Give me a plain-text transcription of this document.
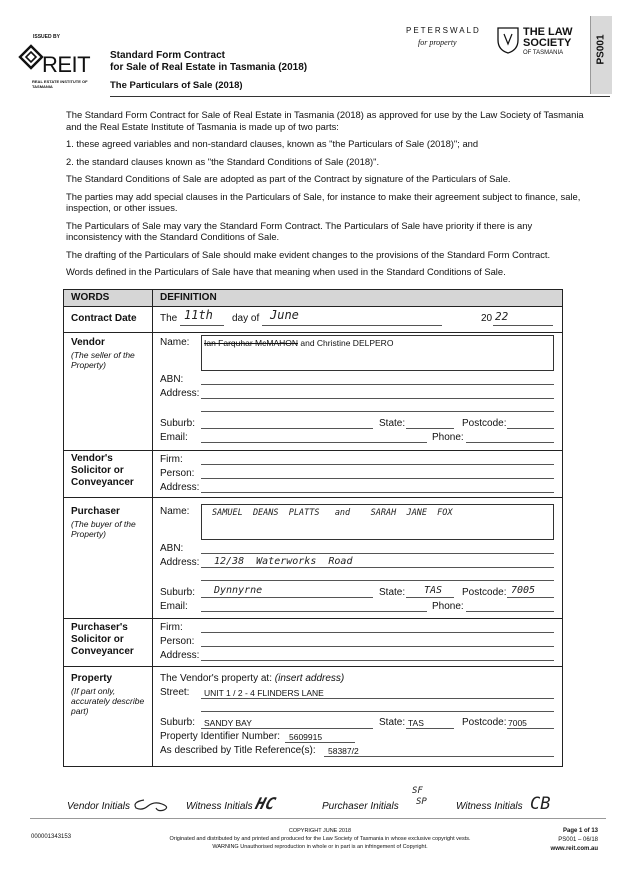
ISSUED BY
REIT
REAL ESTATE INSTITUTE OF TASMANIA
Standard Form Contract
for Sale of Real Estate in Tasmania (2018)
The Particulars of Sale (2018)
PETERSWALD
for property
THE LAW
SOCIETY
OF TASMANIA	PS001

The Standard Form Contract for Sale of Real Estate in Tasmania (2018) as approved for use by the Law Society of Tasmania and the Real Estate Institute of Tasmania is made up of two parts:

1. these agreed variables and non-standard clauses, known as "the Particulars of Sale (2018)"; and

2. the standard clauses known as "the Standard Conditions of Sale (2018)".

The Standard Conditions of Sale are adopted as part of the Contract by signature of the Particulars of Sale.

The parties may add special clauses in the Particulars of Sale, for instance to make their agreement subject to finance, sale, inspection, or other issues.

The Particulars of Sale may vary the Standard Form Contract. The Particulars of Sale have priority if there is any inconsistency with the Standard Conditions of Sale.

The drafting of the Particulars of Sale should make evident changes to the provisions of the Standard Form Contract.

Words defined in the Particulars of Sale have that meaning when used in the Standard Conditions of Sale.

WORDS	DEFINITION
Contract Date The 11th day of June	20 22
Vendor
(The seller of the Property)
Name: Ian Farquhar McMAHON and Christine DELPERO
ABN:
Address:
Suburb:	State:	Postcode:
Email:	Phone:
Vendor's Solicitor or Conveyancer
Firm:
Person:
Address:
Purchaser
(The buyer of the Property)
Name:	SAMUEL  DEANS  PLATTS   and    SARAH  JANE  FOX
ABN:
Address: 12/38  Waterworks  Road
Suburb: Dynnyrne	State: TAS Postcode: 7005
Email:	Phone:
Purchaser's Solicitor or Conveyancer
Firm:
Person:
Address:
Property
(If part only, accurately describe part)
The Vendor's property at: (insert address)
Street: UNIT 1 / 2 - 4 FLINDERS LANE
Suburb: SANDY BAY	State: TAS	Postcode: 7005
Property Identifier Number: 5609915
As described by Title Reference(s): 58387/2
Vendor Initials	Witness Initials HC	Purchaser Initials
SF
SP	Witness Initials CB
000001343153
COPYRIGHT JUNE 2018
Originated and distributed by and printed and produced for the Law Society of Tasmania in whose exclusive copyright vests.
WARNING Unauthorised reproduction in whole or in part is an infringement of Copyright.
Page 1 of 13
PS001 – 06/18
www.reit.com.au
